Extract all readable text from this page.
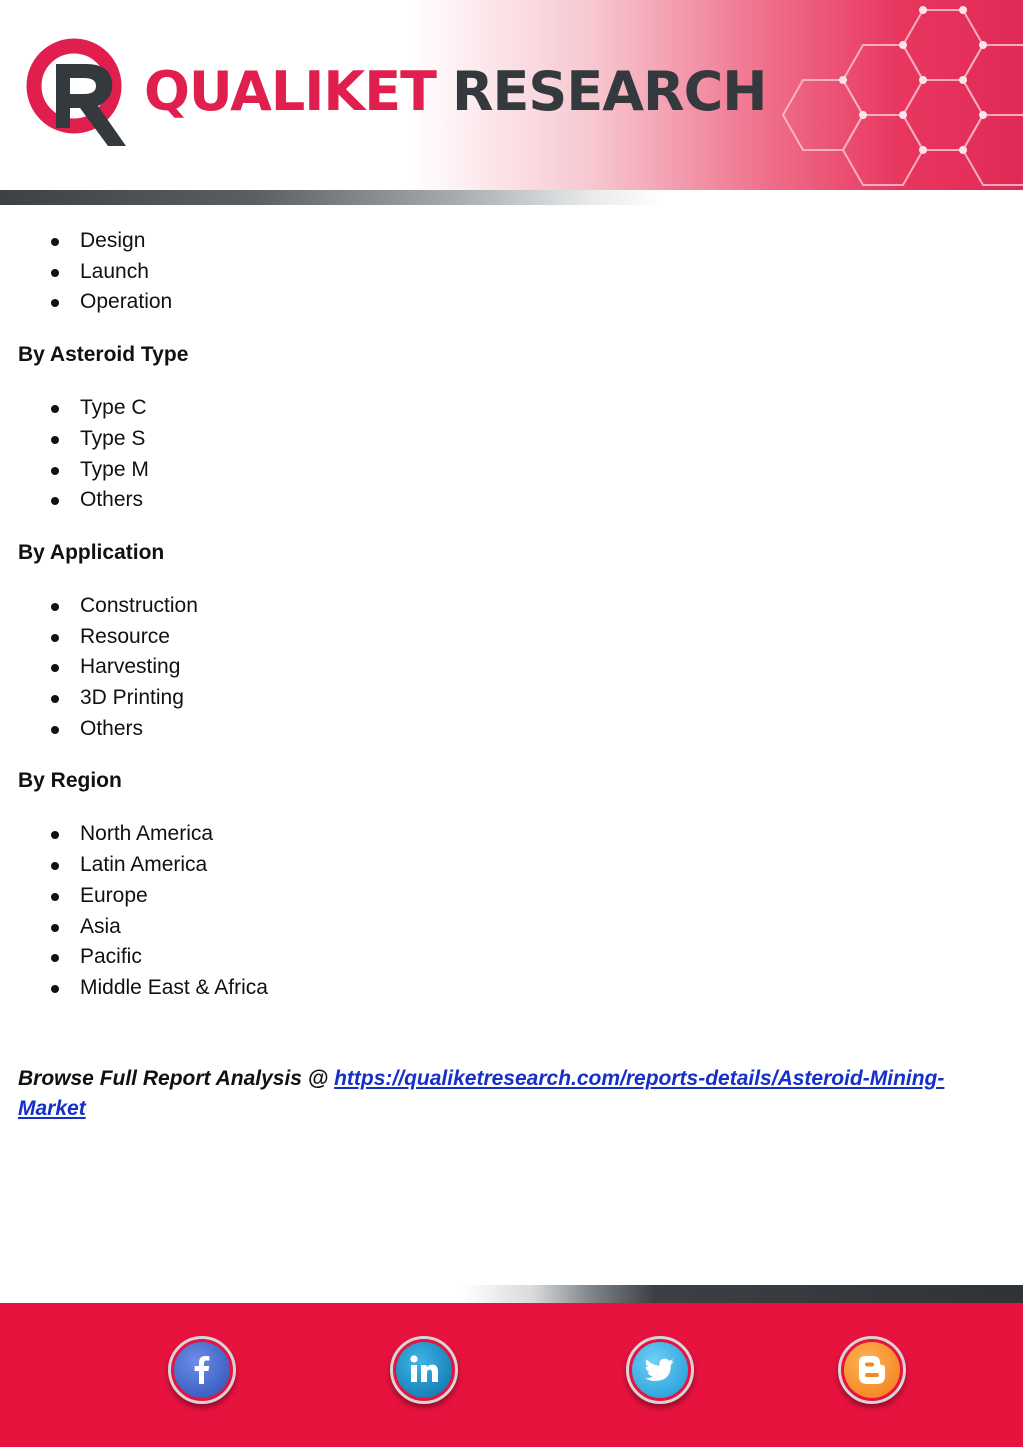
QUALIKET RESEARCH
Design
Launch
Operation

By Asteroid Type

Type C
Type S
Type M
Others

By Application

Construction
Resource
Harvesting
3D Printing
Others

By Region

North America
Latin America
Europe
Asia
Pacific
Middle East & Africa
Browse Full Report Analysis @ https://qualiketresearch.com/reports-details/Asteroid-Mining-Market
